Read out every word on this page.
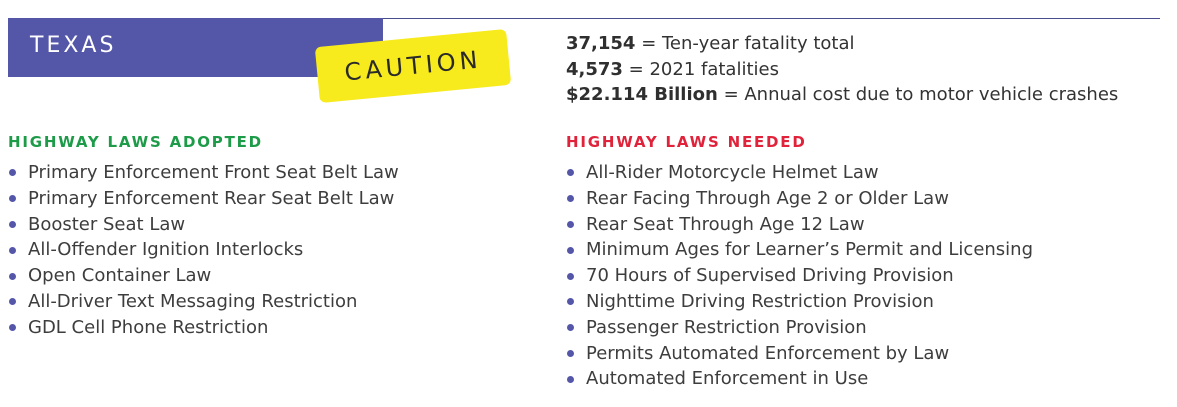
TEXAS	CAUTION
37,154 = Ten-year fatality total
4,573 = 2021 fatalities
$22.114 Billion = Annual cost due to motor vehicle crashes
HIGHWAY LAWS ADOPTED
Primary Enforcement Front Seat Belt Law
Primary Enforcement Rear Seat Belt Law
Booster Seat Law
All-Offender Ignition Interlocks
Open Container Law
All-Driver Text Messaging Restriction
GDL Cell Phone Restriction
HIGHWAY LAWS NEEDED
All-Rider Motorcycle Helmet Law
Rear Facing Through Age 2 or Older Law
Rear Seat Through Age 12 Law
Minimum Ages for Learner’s Permit and Licensing
70 Hours of Supervised Driving Provision
Nighttime Driving Restriction Provision
Passenger Restriction Provision
Permits Automated Enforcement by Law
Automated Enforcement in Use
